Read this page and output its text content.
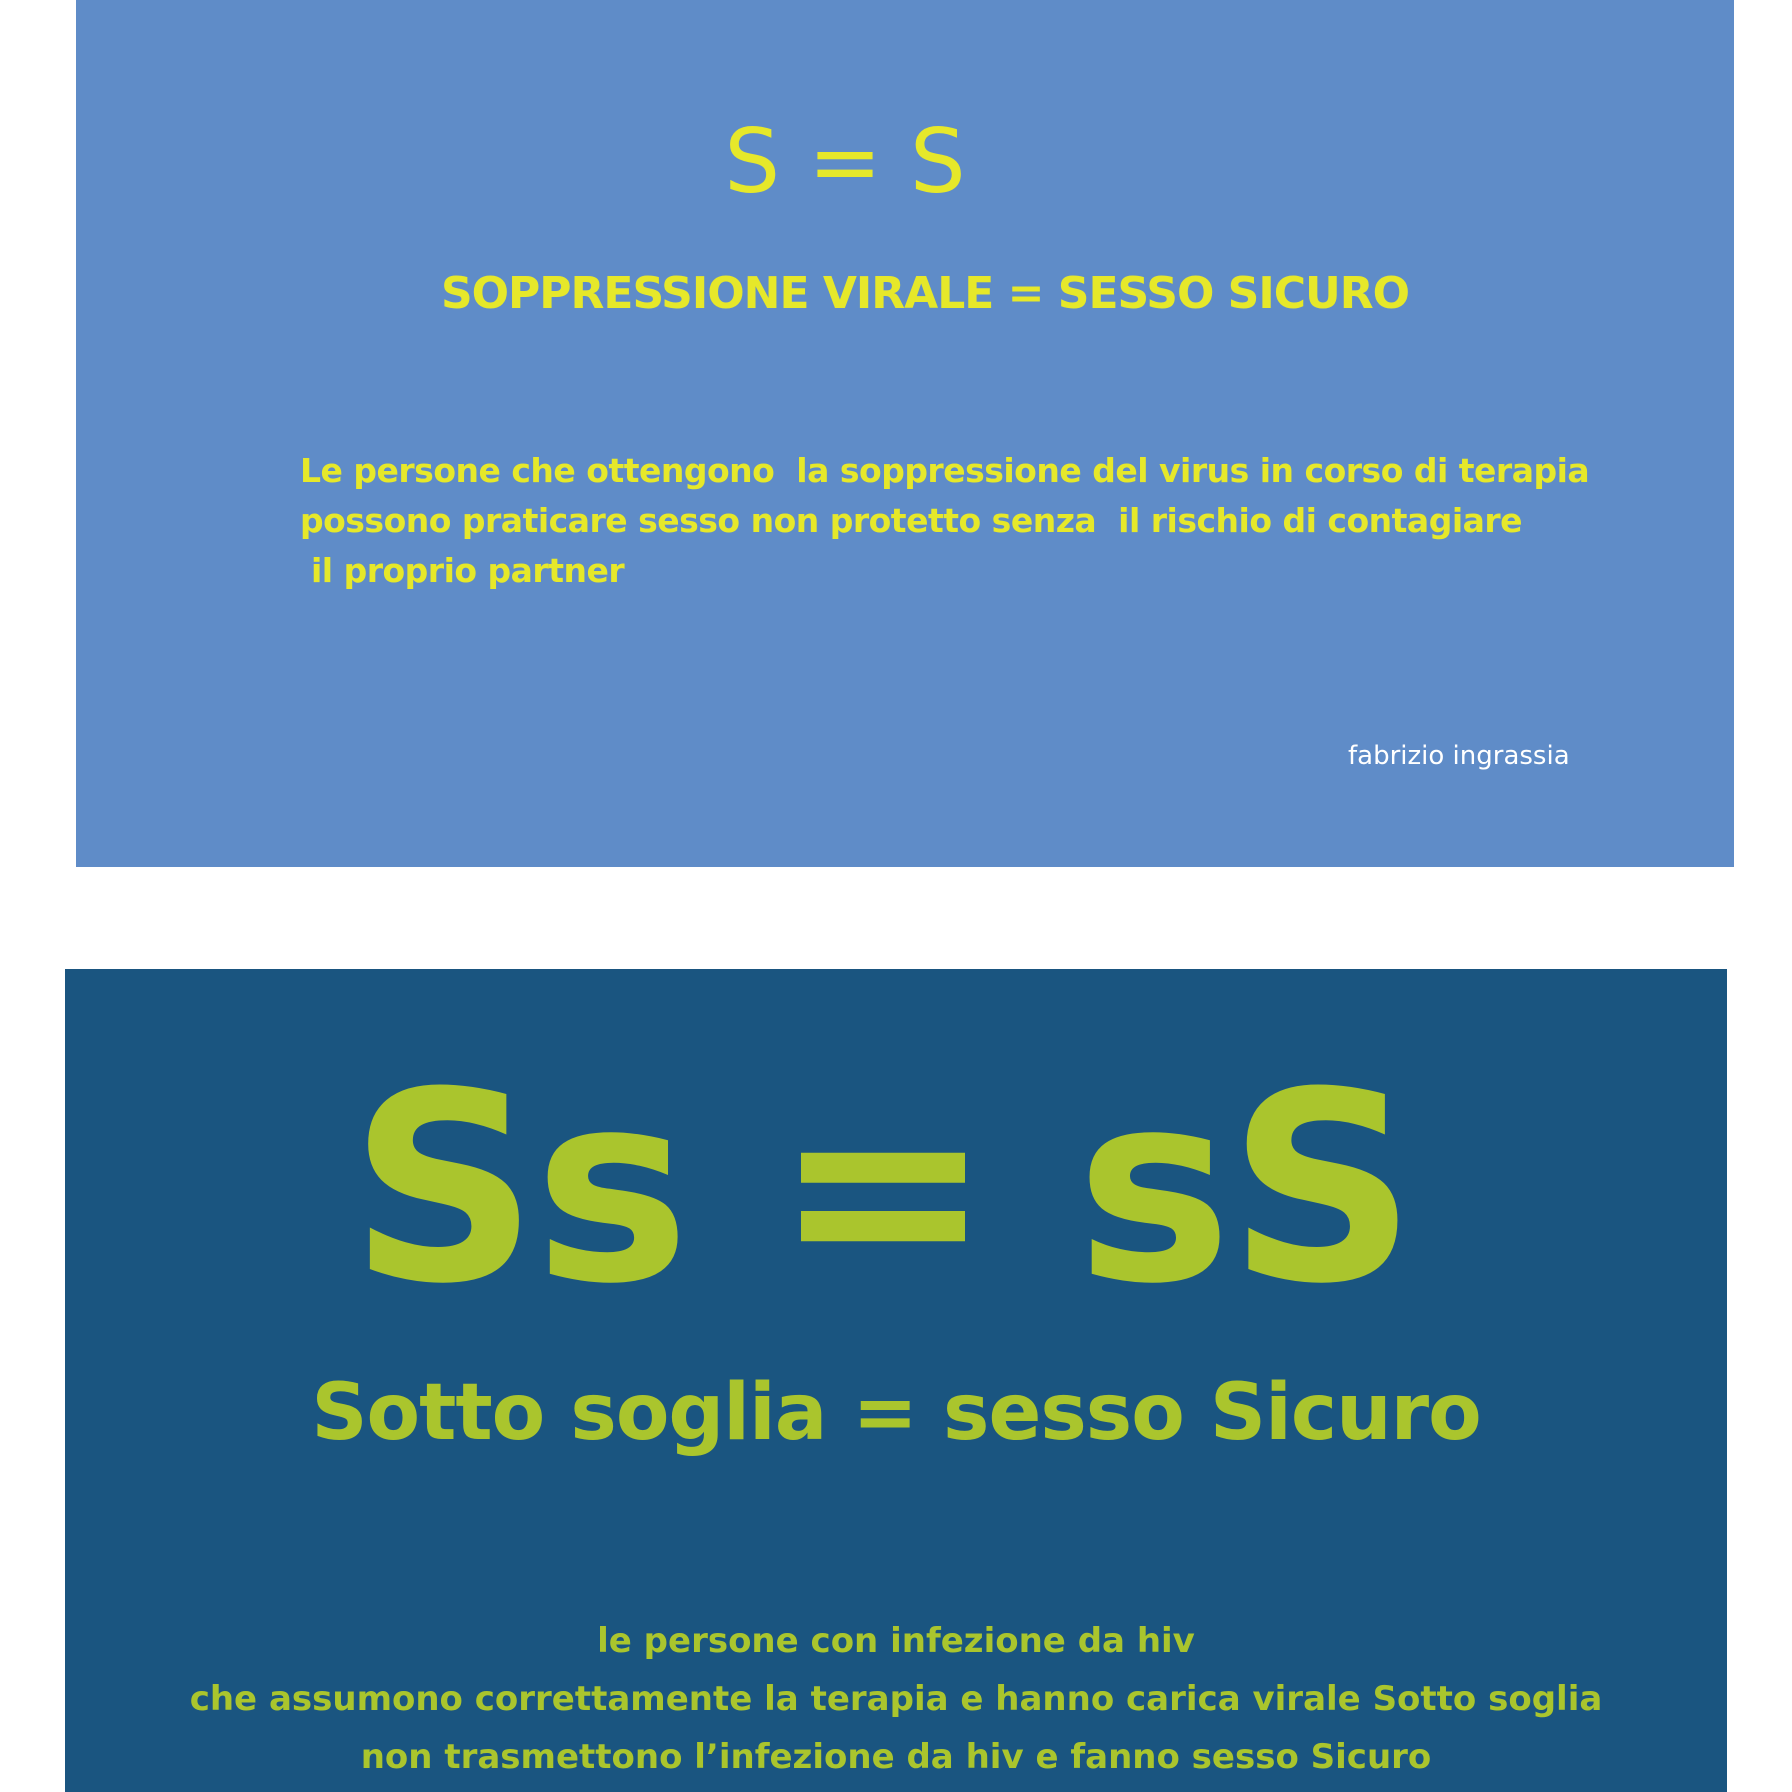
S = S

SOPPRESSIONE VIRALE = SESSO SICURO

Le persone che ottengono  la soppressione del virus in corso di terapia
possono praticare sesso non protetto senza  il rischio di contagiare
il proprio partner

fabrizio ingrassia

Ss = sS

Sotto soglia = sesso Sicuro

le persone con infezione da hiv
che assumono correttamente la terapia e hanno carica virale Sotto soglia
non trasmettono l’infezione da hiv e fanno sesso Sicuro
